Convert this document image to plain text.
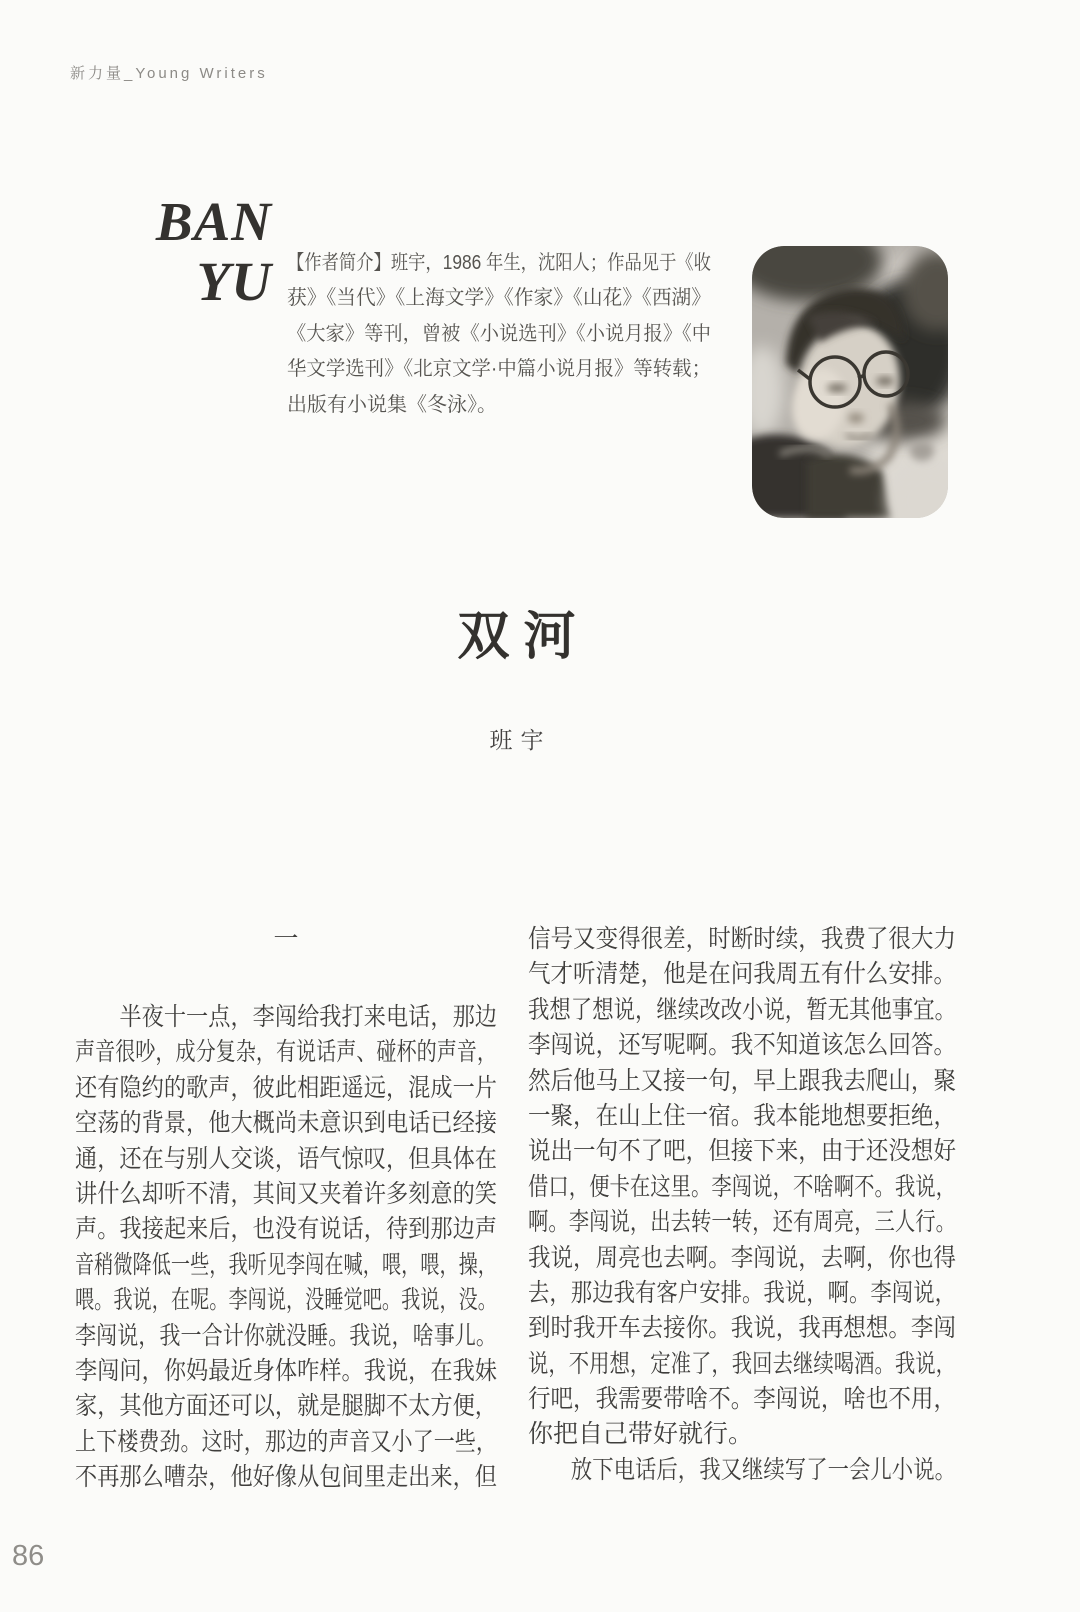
新力量_Young Writers
BAN
YU 【作者简介】班宇，1986 年生，沈阳人；作品见于《收
获》《当代》《上海文学》《作家》《山花》《西湖》
《大家》等刊，曾被《小说选刊》《小说月报》《中
华文学选刊》《北京文学·中篇小说月报》等转载；
出版有小说集《冬泳》。
双河
班宇
一
　　半夜十一点，李闯给我打来电话，那边
声音很吵，成分复杂，有说话声、碰杯的声音，
还有隐约的歌声，彼此相距遥远，混成一片
空荡的背景，他大概尚未意识到电话已经接
通，还在与别人交谈，语气惊叹，但具体在
讲什么却听不清，其间又夹着许多刻意的笑
声。我接起来后，也没有说话，待到那边声
音稍微降低一些，我听见李闯在喊，喂，喂，操，
喂。我说，在呢。李闯说，没睡觉吧。我说，没。
李闯说，我一合计你就没睡。我说，啥事儿。
李闯问，你妈最近身体咋样。我说，在我妹
家，其他方面还可以，就是腿脚不太方便，
上下楼费劲。这时，那边的声音又小了一些，
不再那么嘈杂，他好像从包间里走出来，但
信号又变得很差，时断时续，我费了很大力
气才听清楚，他是在问我周五有什么安排。
我想了想说，继续改改小说，暂无其他事宜。
李闯说，还写呢啊。我不知道该怎么回答。
然后他马上又接一句，早上跟我去爬山，聚
一聚，在山上住一宿。我本能地想要拒绝，
说出一句不了吧，但接下来，由于还没想好
借口，便卡在这里。李闯说，不啥啊不。我说，
啊。李闯说，出去转一转，还有周亮，三人行。
我说，周亮也去啊。李闯说，去啊，你也得
去，那边我有客户安排。我说，啊。李闯说，
到时我开车去接你。我说，我再想想。李闯
说，不用想，定准了，我回去继续喝酒。我说，
行吧，我需要带啥不。李闯说，啥也不用，
你把自己带好就行。
　　放下电话后，我又继续写了一会儿小说。
86
